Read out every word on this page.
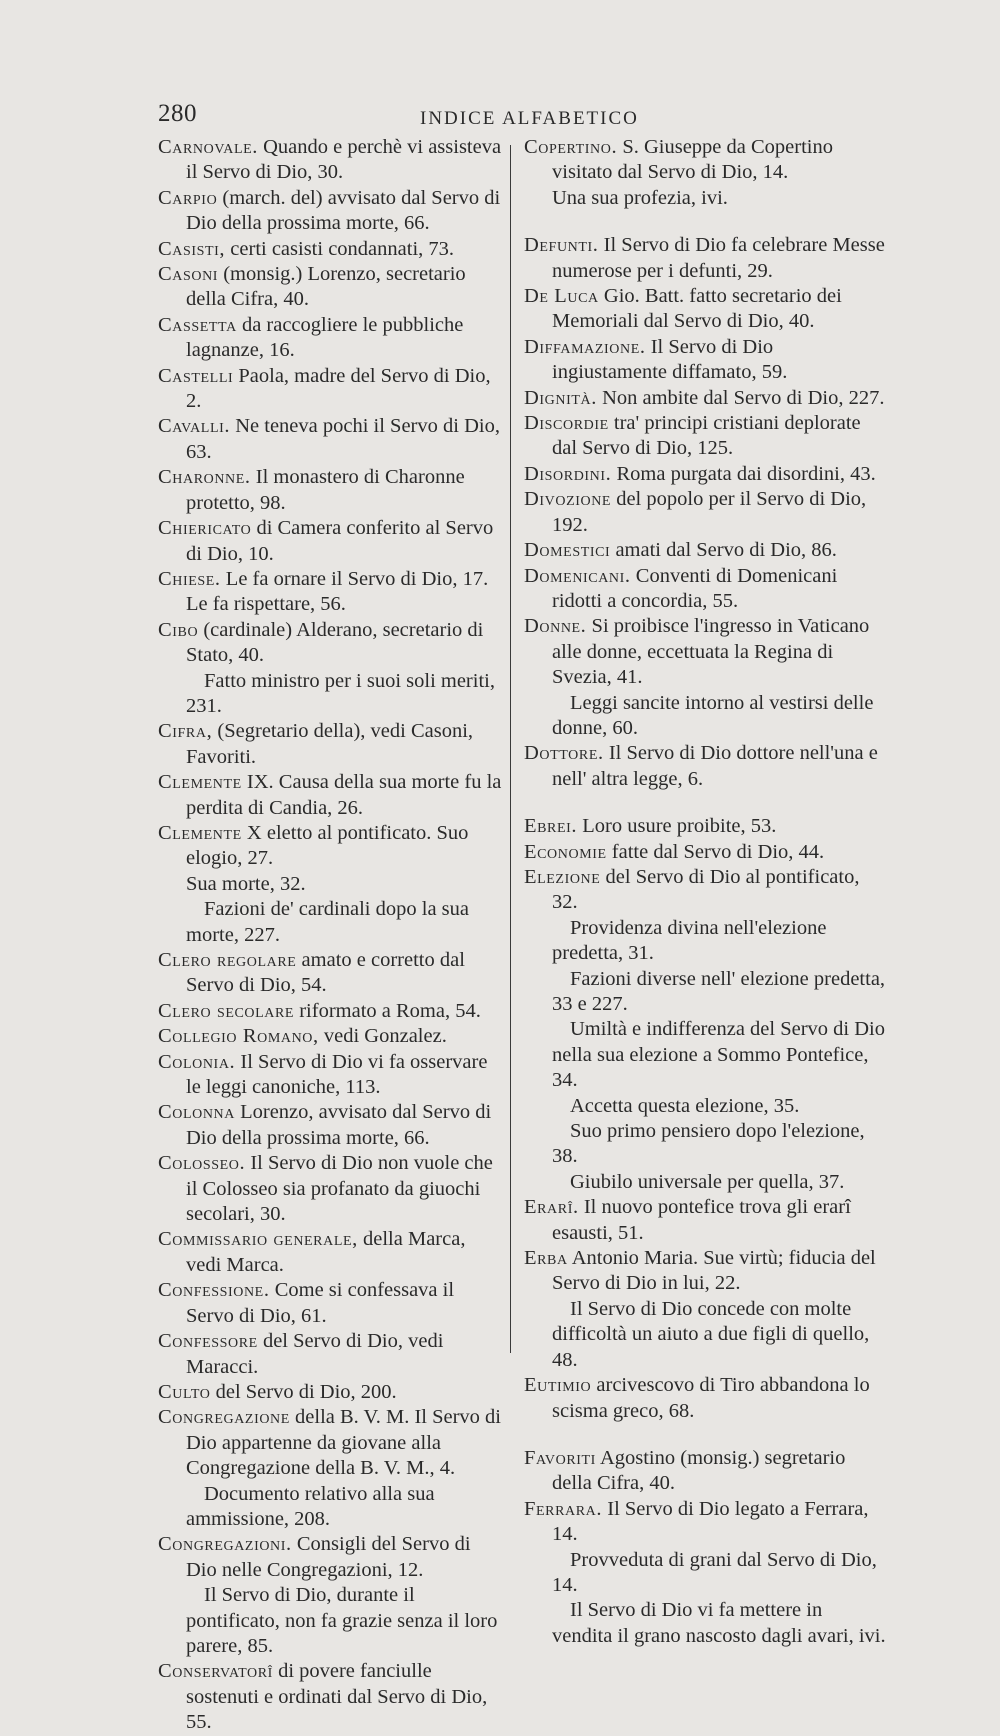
280	INDICE ALFABETICO

Carnovale. Quando e perchè vi assisteva il Servo di Dio, 30.

Carpio (march. del) avvisato dal Servo di Dio della prossima morte, 66.

Casisti, certi casisti condannati, 73.

Casoni (monsig.) Lorenzo, secretario della Cifra, 40.

Cassetta da raccogliere le pubbliche lagnanze, 16.

Castelli Paola, madre del Servo di Dio, 2.

Cavalli. Ne teneva pochi il Servo di Dio, 63.

Charonne. Il monastero di Charonne protetto, 98.

Chiericato di Camera conferito al Servo di Dio, 10.

Chiese. Le fa ornare il Servo di Dio, 17.

Le fa rispettare, 56.

Cibo (cardinale) Alderano, secretario di Stato, 40.

Fatto ministro per i suoi soli meriti, 231.

Cifra, (Segretario della), vedi Casoni, Favoriti.

Clemente IX. Causa della sua morte fu la perdita di Candia, 26.

Clemente X eletto al pontificato. Suo elogio, 27.

Sua morte, 32.

Fazioni de' cardinali dopo la sua morte, 227.

Clero regolare amato e corretto dal Servo di Dio, 54.

Clero secolare riformato a Roma, 54.

Collegio Romano, vedi Gonzalez.

Colonia. Il Servo di Dio vi fa osservare le leggi canoniche, 113.

Colonna Lorenzo, avvisato dal Servo di Dio della prossima morte, 66.

Colosseo. Il Servo di Dio non vuole che il Colosseo sia profanato da giuochi secolari, 30.

Commissario generale, della Marca, vedi Marca.

Confessione. Come si confessava il Servo di Dio, 61.

Confessore del Servo di Dio, vedi Maracci.

Culto del Servo di Dio, 200.

Congregazione della B. V. M. Il Servo di Dio appartenne da giovane alla Congregazione della B. V. M., 4.

Documento relativo alla sua ammissione, 208.

Congregazioni. Consigli del Servo di Dio nelle Congregazioni, 12.

Il Servo di Dio, durante il pontificato, non fa grazie senza il loro parere, 85.

Conservatorî di povere fanciulle sostenuti e ordinati dal Servo di Dio, 55.

Copertino. S. Giuseppe da Copertino visitato dal Servo di Dio, 14.

Una sua profezia, ivi.

Defunti. Il Servo di Dio fa celebrare Messe numerose per i defunti, 29.

De Luca Gio. Batt. fatto secretario dei Memoriali dal Servo di Dio, 40.

Diffamazione. Il Servo di Dio ingiustamente diffamato, 59.

Dignità. Non ambite dal Servo di Dio, 227.

Discordie tra' principi cristiani deplorate dal Servo di Dio, 125.

Disordini. Roma purgata dai disordini, 43.

Divozione del popolo per il Servo di Dio, 192.

Domestici amati dal Servo di Dio, 86.

Domenicani. Conventi di Domenicani ridotti a concordia, 55.

Donne. Si proibisce l'ingresso in Vaticano alle donne, eccettuata la Regina di Svezia, 41.

Leggi sancite intorno al vestirsi delle donne, 60.

Dottore. Il Servo di Dio dottore nell'una e nell' altra legge, 6.

Ebrei. Loro usure proibite, 53.

Economie fatte dal Servo di Dio, 44.

Elezione del Servo di Dio al pontificato, 32.

Providenza divina nell'elezione predetta, 31.

Fazioni diverse nell' elezione predetta, 33 e 227.

Umiltà e indifferenza del Servo di Dio nella sua elezione a Sommo Pontefice, 34.

Accetta questa elezione, 35.

Suo primo pensiero dopo l'elezione, 38.

Giubilo universale per quella, 37.

Erarî. Il nuovo pontefice trova gli erarî esausti, 51.

Erba Antonio Maria. Sue virtù; fiducia del Servo di Dio in lui, 22.

Il Servo di Dio concede con molte difficoltà un aiuto a due figli di quello, 48.

Eutimio arcivescovo di Tiro abbandona lo scisma greco, 68.

Favoriti Agostino (monsig.) segretario della Cifra, 40.

Ferrara. Il Servo di Dio legato a Ferrara, 14.

Provveduta di grani dal Servo di Dio, 14.

Il Servo di Dio vi fa mettere in vendita il grano nascosto dagli avari, ivi.
